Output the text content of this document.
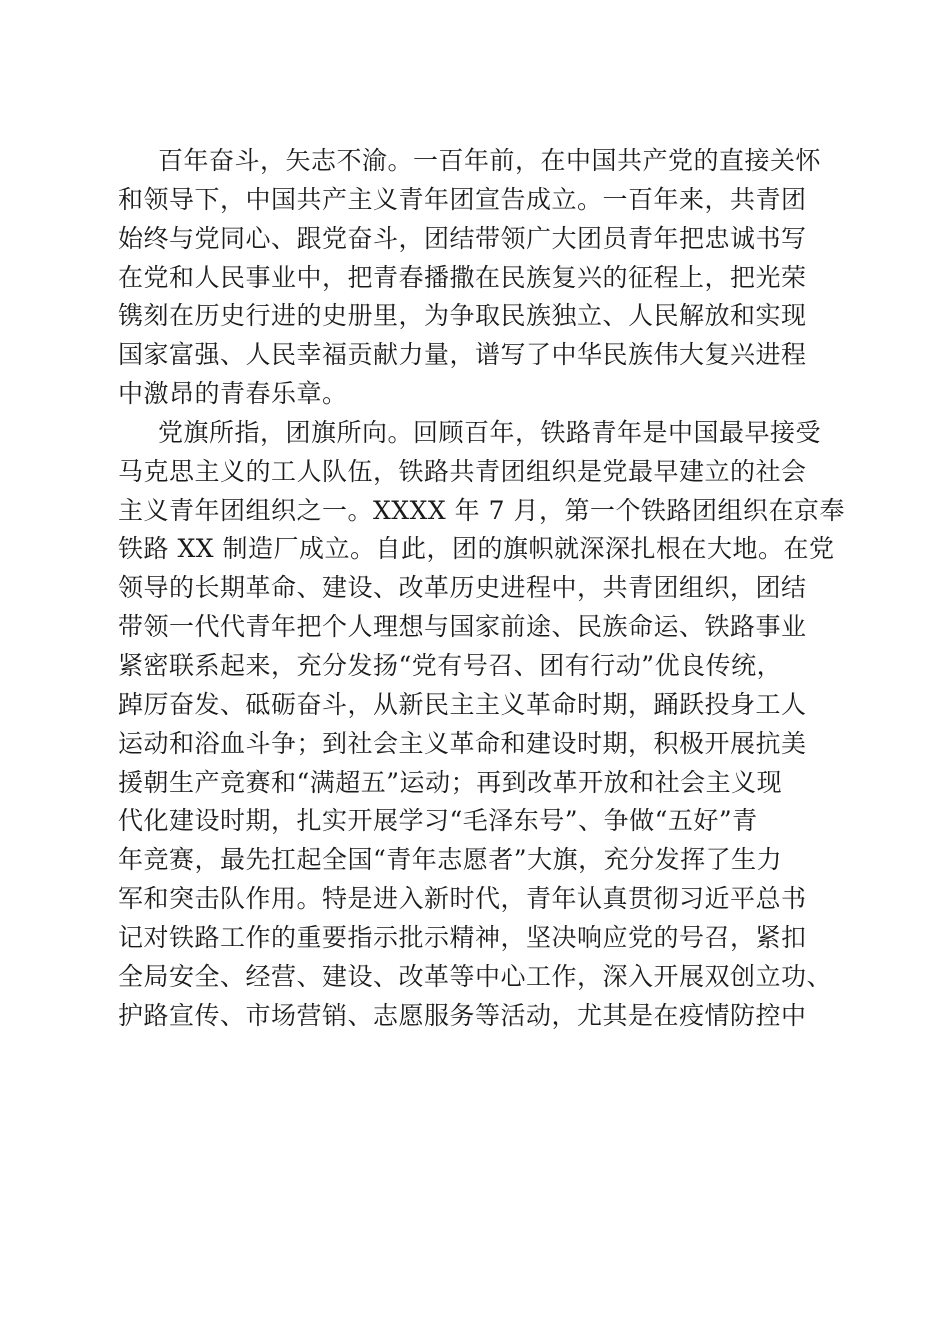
百年奋斗，矢志不渝。一百年前，在中国共产党的直接关怀
和领导下，中国共产主义青年团宣告成立。一百年来，共青团
始终与党同心、跟党奋斗，团结带领广大团员青年把忠诚书写
在党和人民事业中，把青春播撒在民族复兴的征程上，把光荣
镌刻在历史行进的史册里，为争取民族独立、人民解放和实现
国家富强、人民幸福贡献力量，谱写了中华民族伟大复兴进程
中激昂的青春乐章。
党旗所指，团旗所向。回顾百年，铁路青年是中国最早接受
马克思主义的工人队伍，铁路共青团组织是党最早建立的社会
主义青年团组织之一。XXXX 年 7 月，第一个铁路团组织在京奉
铁路 XX 制造厂成立。自此，团的旗帜就深深扎根在大地。在党
领导的长期革命、建设、改革历史进程中，共青团组织，团结
带领一代代青年把个人理想与国家前途、民族命运、铁路事业
紧密联系起来，充分发扬“党有号召、团有行动”优良传统，
踔厉奋发、砥砺奋斗，从新民主主义革命时期，踊跃投身工人
运动和浴血斗争；到社会主义革命和建设时期，积极开展抗美
援朝生产竞赛和“满超五”运动；再到改革开放和社会主义现
代化建设时期，扎实开展学习“毛泽东号”、争做“五好”青
年竞赛，最先扛起全国“青年志愿者”大旗，充分发挥了生力
军和突击队作用。特是进入新时代，青年认真贯彻习近平总书
记对铁路工作的重要指示批示精神，坚决响应党的号召，紧扣
全局安全、经营、建设、改革等中心工作，深入开展双创立功、
护路宣传、市场营销、志愿服务等活动，尤其是在疫情防控中
